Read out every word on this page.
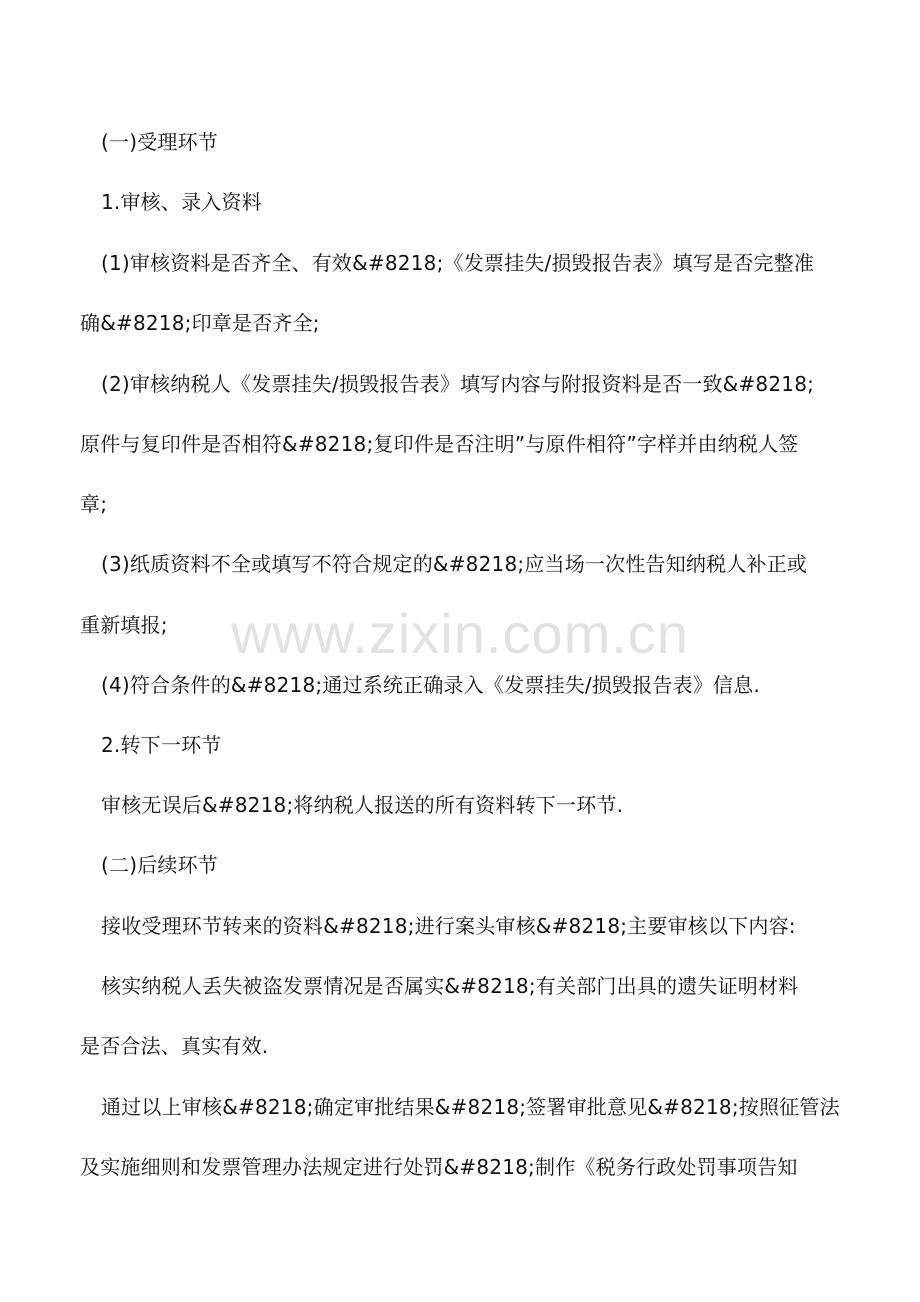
www.zixin.com.cn
(一)受理环节
1.审核、录入资料
(1)审核资料是否齐全、有效&#8218;《发票挂失/损毁报告表》填写是否完整准
确&#8218;印章是否齐全;
(2)审核纳税人《发票挂失/损毁报告表》填写内容与附报资料是否一致&#8218;
原件与复印件是否相符&#8218;复印件是否注明”与原件相符”字样并由纳税人签
章;
(3)纸质资料不全或填写不符合规定的&#8218;应当场一次性告知纳税人补正或
重新填报;
(4)符合条件的&#8218;通过系统正确录入《发票挂失/损毁报告表》信息.
2.转下一环节
审核无误后&#8218;将纳税人报送的所有资料转下一环节.
(二)后续环节
接收受理环节转来的资料&#8218;进行案头审核&#8218;主要审核以下内容:
核实纳税人丢失被盗发票情况是否属实&#8218;有关部门出具的遗失证明材料
是否合法、真实有效.
通过以上审核&#8218;确定审批结果&#8218;签署审批意见&#8218;按照征管法
及实施细则和发票管理办法规定进行处罚&#8218;制作《税务行政处罚事项告知
